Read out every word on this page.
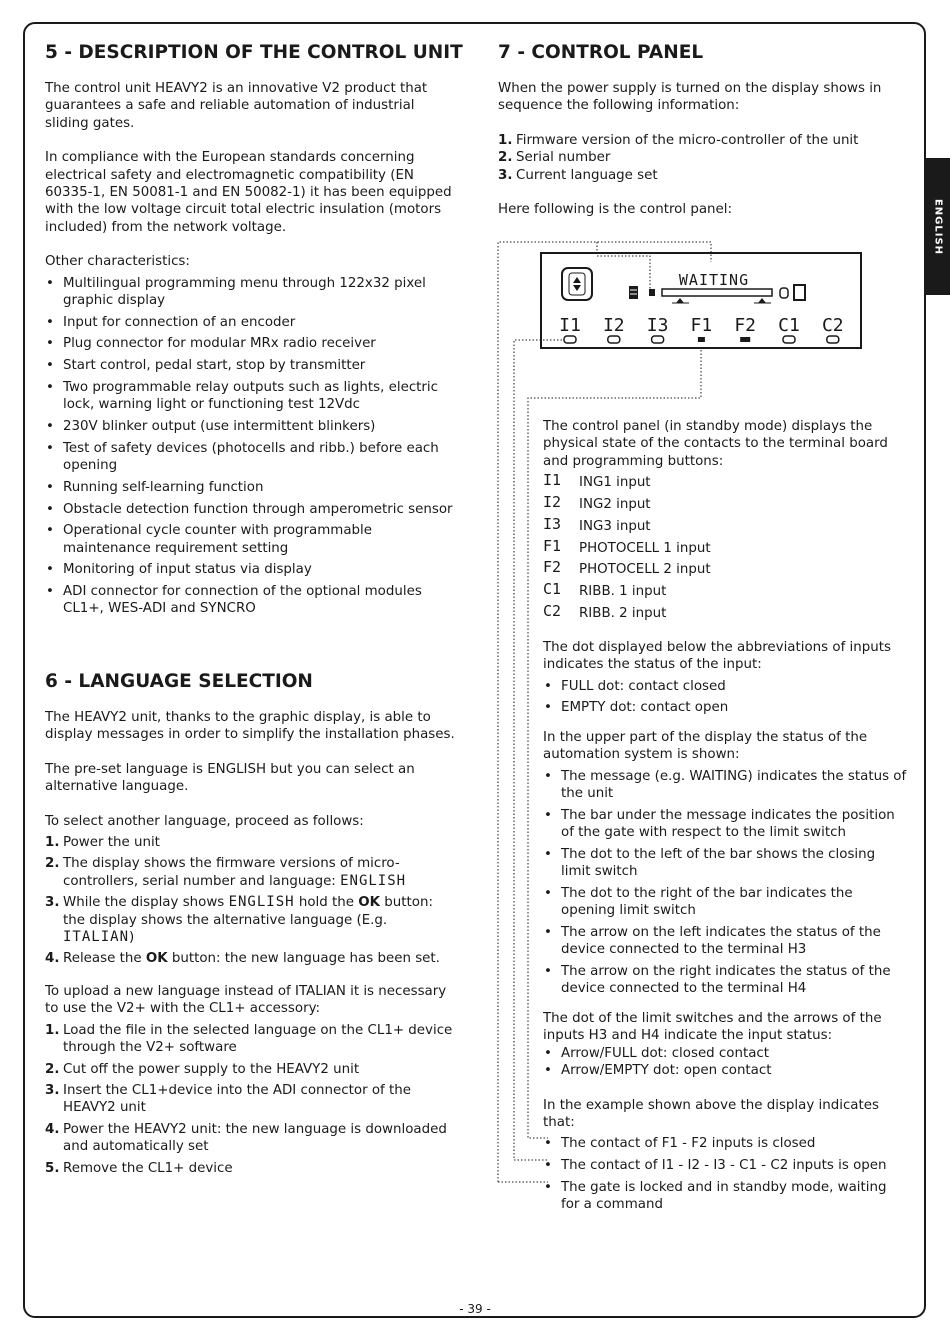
ENGLISH
5 - DESCRIPTION OF THE CONTROL UNIT

The control unit HEAVY2 is an innovative V2 product that guarantees a safe and reliable automation of industrial sliding gates.

In compliance with the European standards concerning electrical safety and electromagnetic compatibility (EN 60335-1, EN 50081-1 and EN 50082-1) it has been equipped with the low voltage circuit total electric insulation (motors included) from the network voltage.

Other characteristics:

• Multilingual programming menu through 122x32 pixel graphic display
• Input for connection of an encoder
• Plug connector for modular MRx radio receiver
• Start control, pedal start, stop by transmitter
• Two programmable relay outputs such as lights, electric lock, warning light or functioning test 12Vdc
• 230V blinker output (use intermittent blinkers)
• Test of safety devices (photocells and ribb.) before each opening
• Running self-learning function
• Obstacle detection function through amperometric sensor
• Operational cycle counter with programmable maintenance requirement setting
• Monitoring of input status via display
• ADI connector for connection of the optional modules CL1+, WES-ADI and SYNCRO
6 - LANGUAGE SELECTION

The HEAVY2 unit, thanks to the graphic display, is able to display messages in order to simplify the installation phases.

The pre-set language is ENGLISH but you can select an alternative language.

To select another language, proceed as follows:

1. Power the unit
2. The display shows the firmware versions of micro-controllers, serial number and language: ENGLISH
3. While the display shows ENGLISH hold the OK button: the display shows the alternative language (E.g. ITALIAN)
4. Release the OK button: the new language has been set.

To upload a new language instead of ITALIAN it is necessary to use the V2+ with the CL1+ accessory:

1. Load the file in the selected language on the CL1+ device through the V2+ software
2. Cut off the power supply to the HEAVY2 unit
3. Insert the CL1+device into the ADI connector of the HEAVY2 unit
4. Power the HEAVY2 unit: the new language is downloaded and automatically set
5. Remove the CL1+ device
7 - CONTROL PANEL

When the power supply is turned on the display shows in sequence the following information:

1. Firmware version of the micro-controller of the unit
2. Serial number
3. Current language set

Here following is the control panel:

WAITING
I1 I2 I3 F1 F2 C1 C2

The control panel (in standby mode) displays the physical state of the contacts to the terminal board and programming buttons:

I1 ING1 input
I2 ING2 input
I3 ING3 input
F1 PHOTOCELL 1 input
F2 PHOTOCELL 2 input
C1 RIBB. 1 input
C2 RIBB. 2 input

The dot displayed below the abbreviations of inputs indicates the status of the input:

• FULL dot: contact closed
• EMPTY dot: contact open

In the upper part of the display the status of the automation system is shown:

• The message (e.g. WAITING) indicates the status of the unit
• The bar under the message indicates the position of the gate with respect to the limit switch
• The dot to the left of the bar shows the closing limit switch
• The dot to the right of the bar indicates the opening limit switch
• The arrow on the left indicates the status of the device connected to the terminal H3
• The arrow on the right indicates the status of the device connected to the terminal H4

The dot of the limit switches and the arrows of the inputs H3 and H4 indicate the input status:

• Arrow/FULL dot: closed contact
• Arrow/EMPTY dot: open contact

In the example shown above the display indicates that:

• The contact of F1 - F2 inputs is closed
• The contact of I1 - I2 - I3 - C1 - C2 inputs is open
• The gate is locked and in standby mode, waiting for a command
- 39 -
